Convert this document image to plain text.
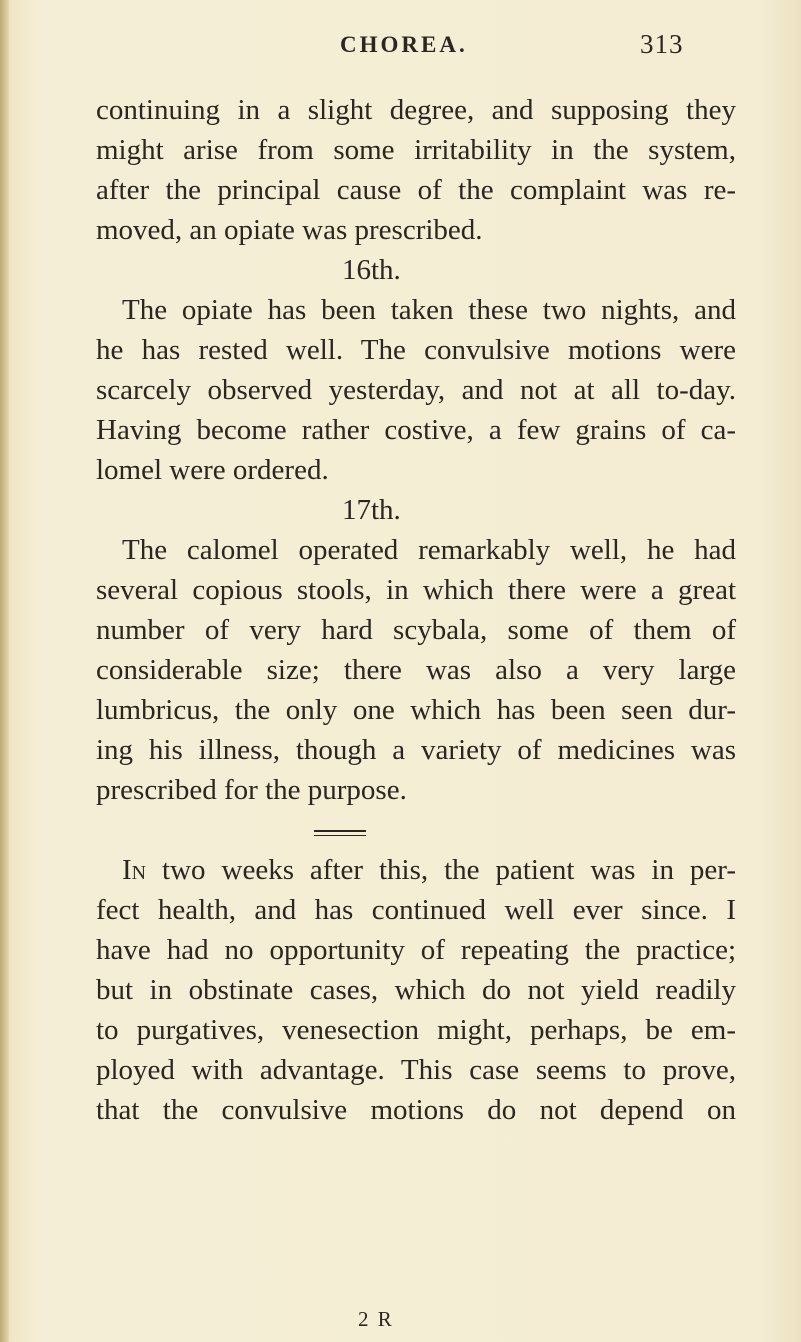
CHOREA.	313
continuing in a slight degree, and supposing they
might arise from some irritability in the system,
after the principal cause of the complaint was re-
moved, an opiate was prescribed.
16th.
The opiate has been taken these two nights, and
he has rested well. The convulsive motions were
scarcely observed yesterday, and not at all to-day.
Having become rather costive, a few grains of ca-
lomel were ordered.
17th.
The calomel operated remarkably well, he had
several copious stools, in which there were a great
number of very hard scybala, some of them of
considerable size; there was also a very large
lumbricus, the only one which has been seen dur-
ing his illness, though a variety of medicines was
prescribed for the purpose.
In two weeks after this, the patient was in per-
fect health, and has continued well ever since. I
have had no opportunity of repeating the practice;
but in obstinate cases, which do not yield readily
to purgatives, venesection might, perhaps, be em-
ployed with advantage. This case seems to prove,
that the convulsive motions do not depend on
2 R
